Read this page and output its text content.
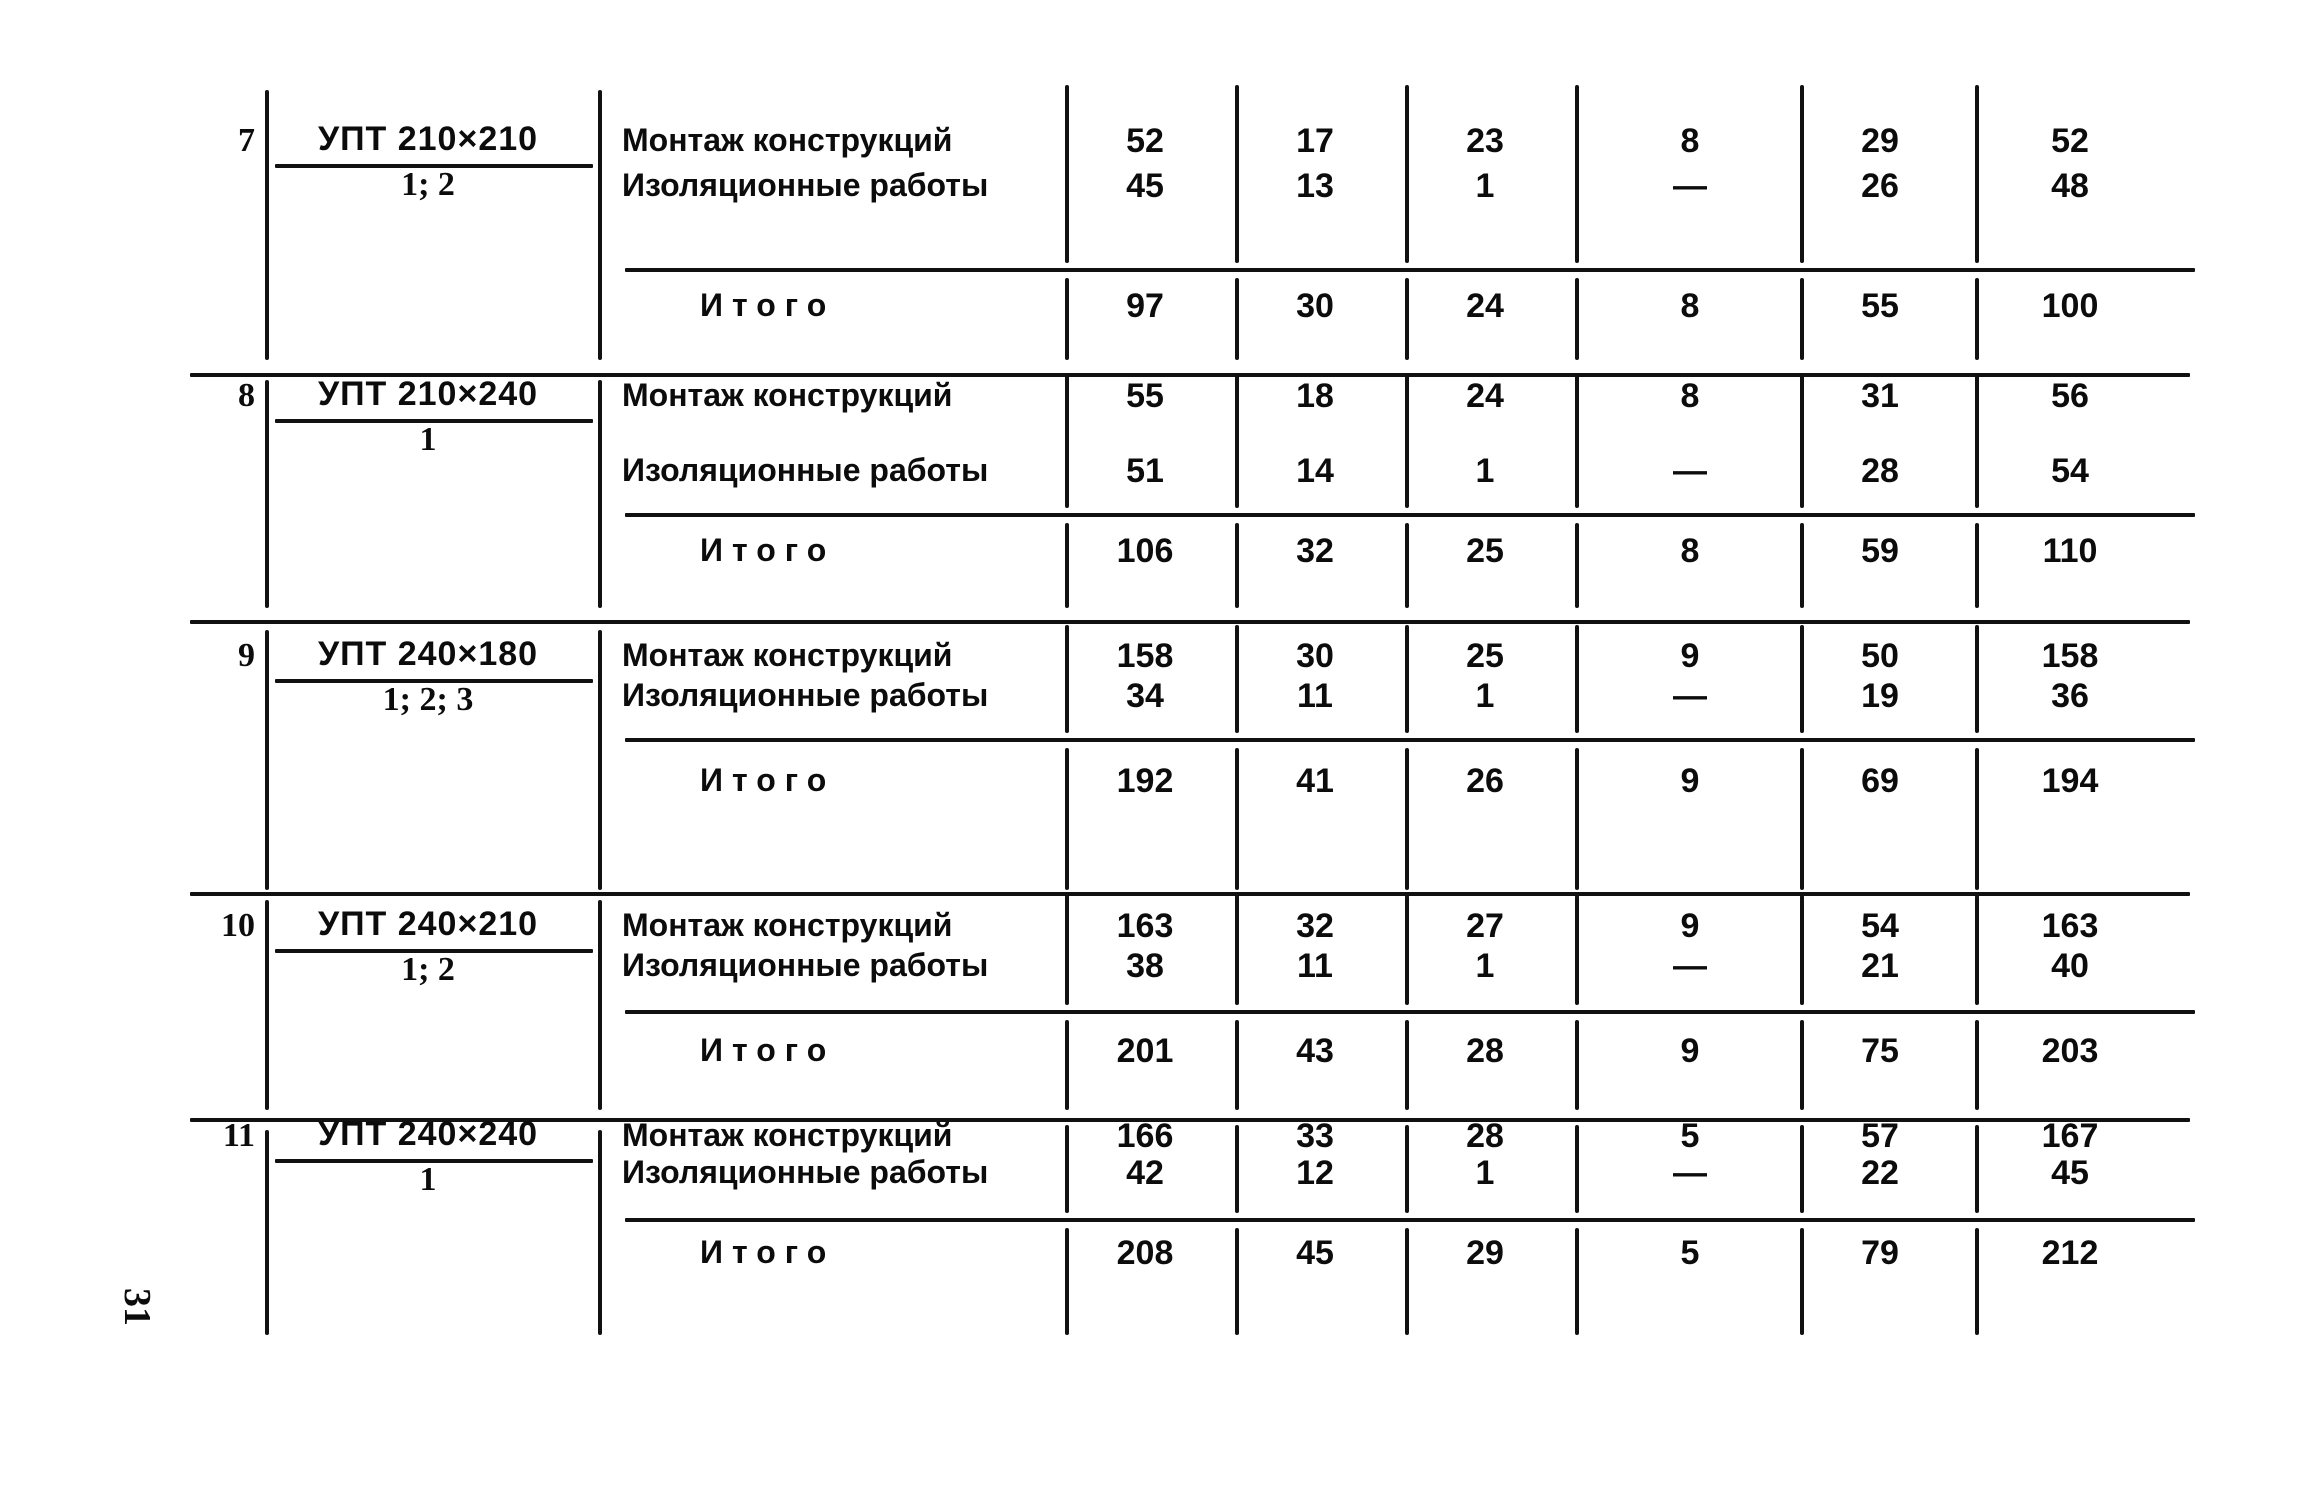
7	УПТ 210×210
1; 2
Монтаж конструкций	52	17	23	8	29	52
Изоляционные работы	45	13	1	—	26	48
Итого	97	30	24	8	55	100
8	УПТ 210×240
1
Монтаж конструкций	55	18	24	8	31	56
Изоляционные работы	51	14	1	—	28	54
Итого	106	32	25	8	59	110
9	УПТ 240×180
1; 2; 3
Монтаж конструкций	158	30	25	9	50	158
Изоляционные работы	34	11	1	—	19	36
Итого	192	41	26	9	69	194
10	УПТ 240×210
1; 2
Монтаж конструкций	163	32	27	9	54	163
Изоляционные работы	38	11	1	—	21	40
Итого	201	43	28	9	75	203
11	УПТ 240×240
1
Монтаж конструкций	166	33	28	5	57	167
Изоляционные работы	42	12	1	—	22	45
Итого	208	45	29	5	79	212
31
